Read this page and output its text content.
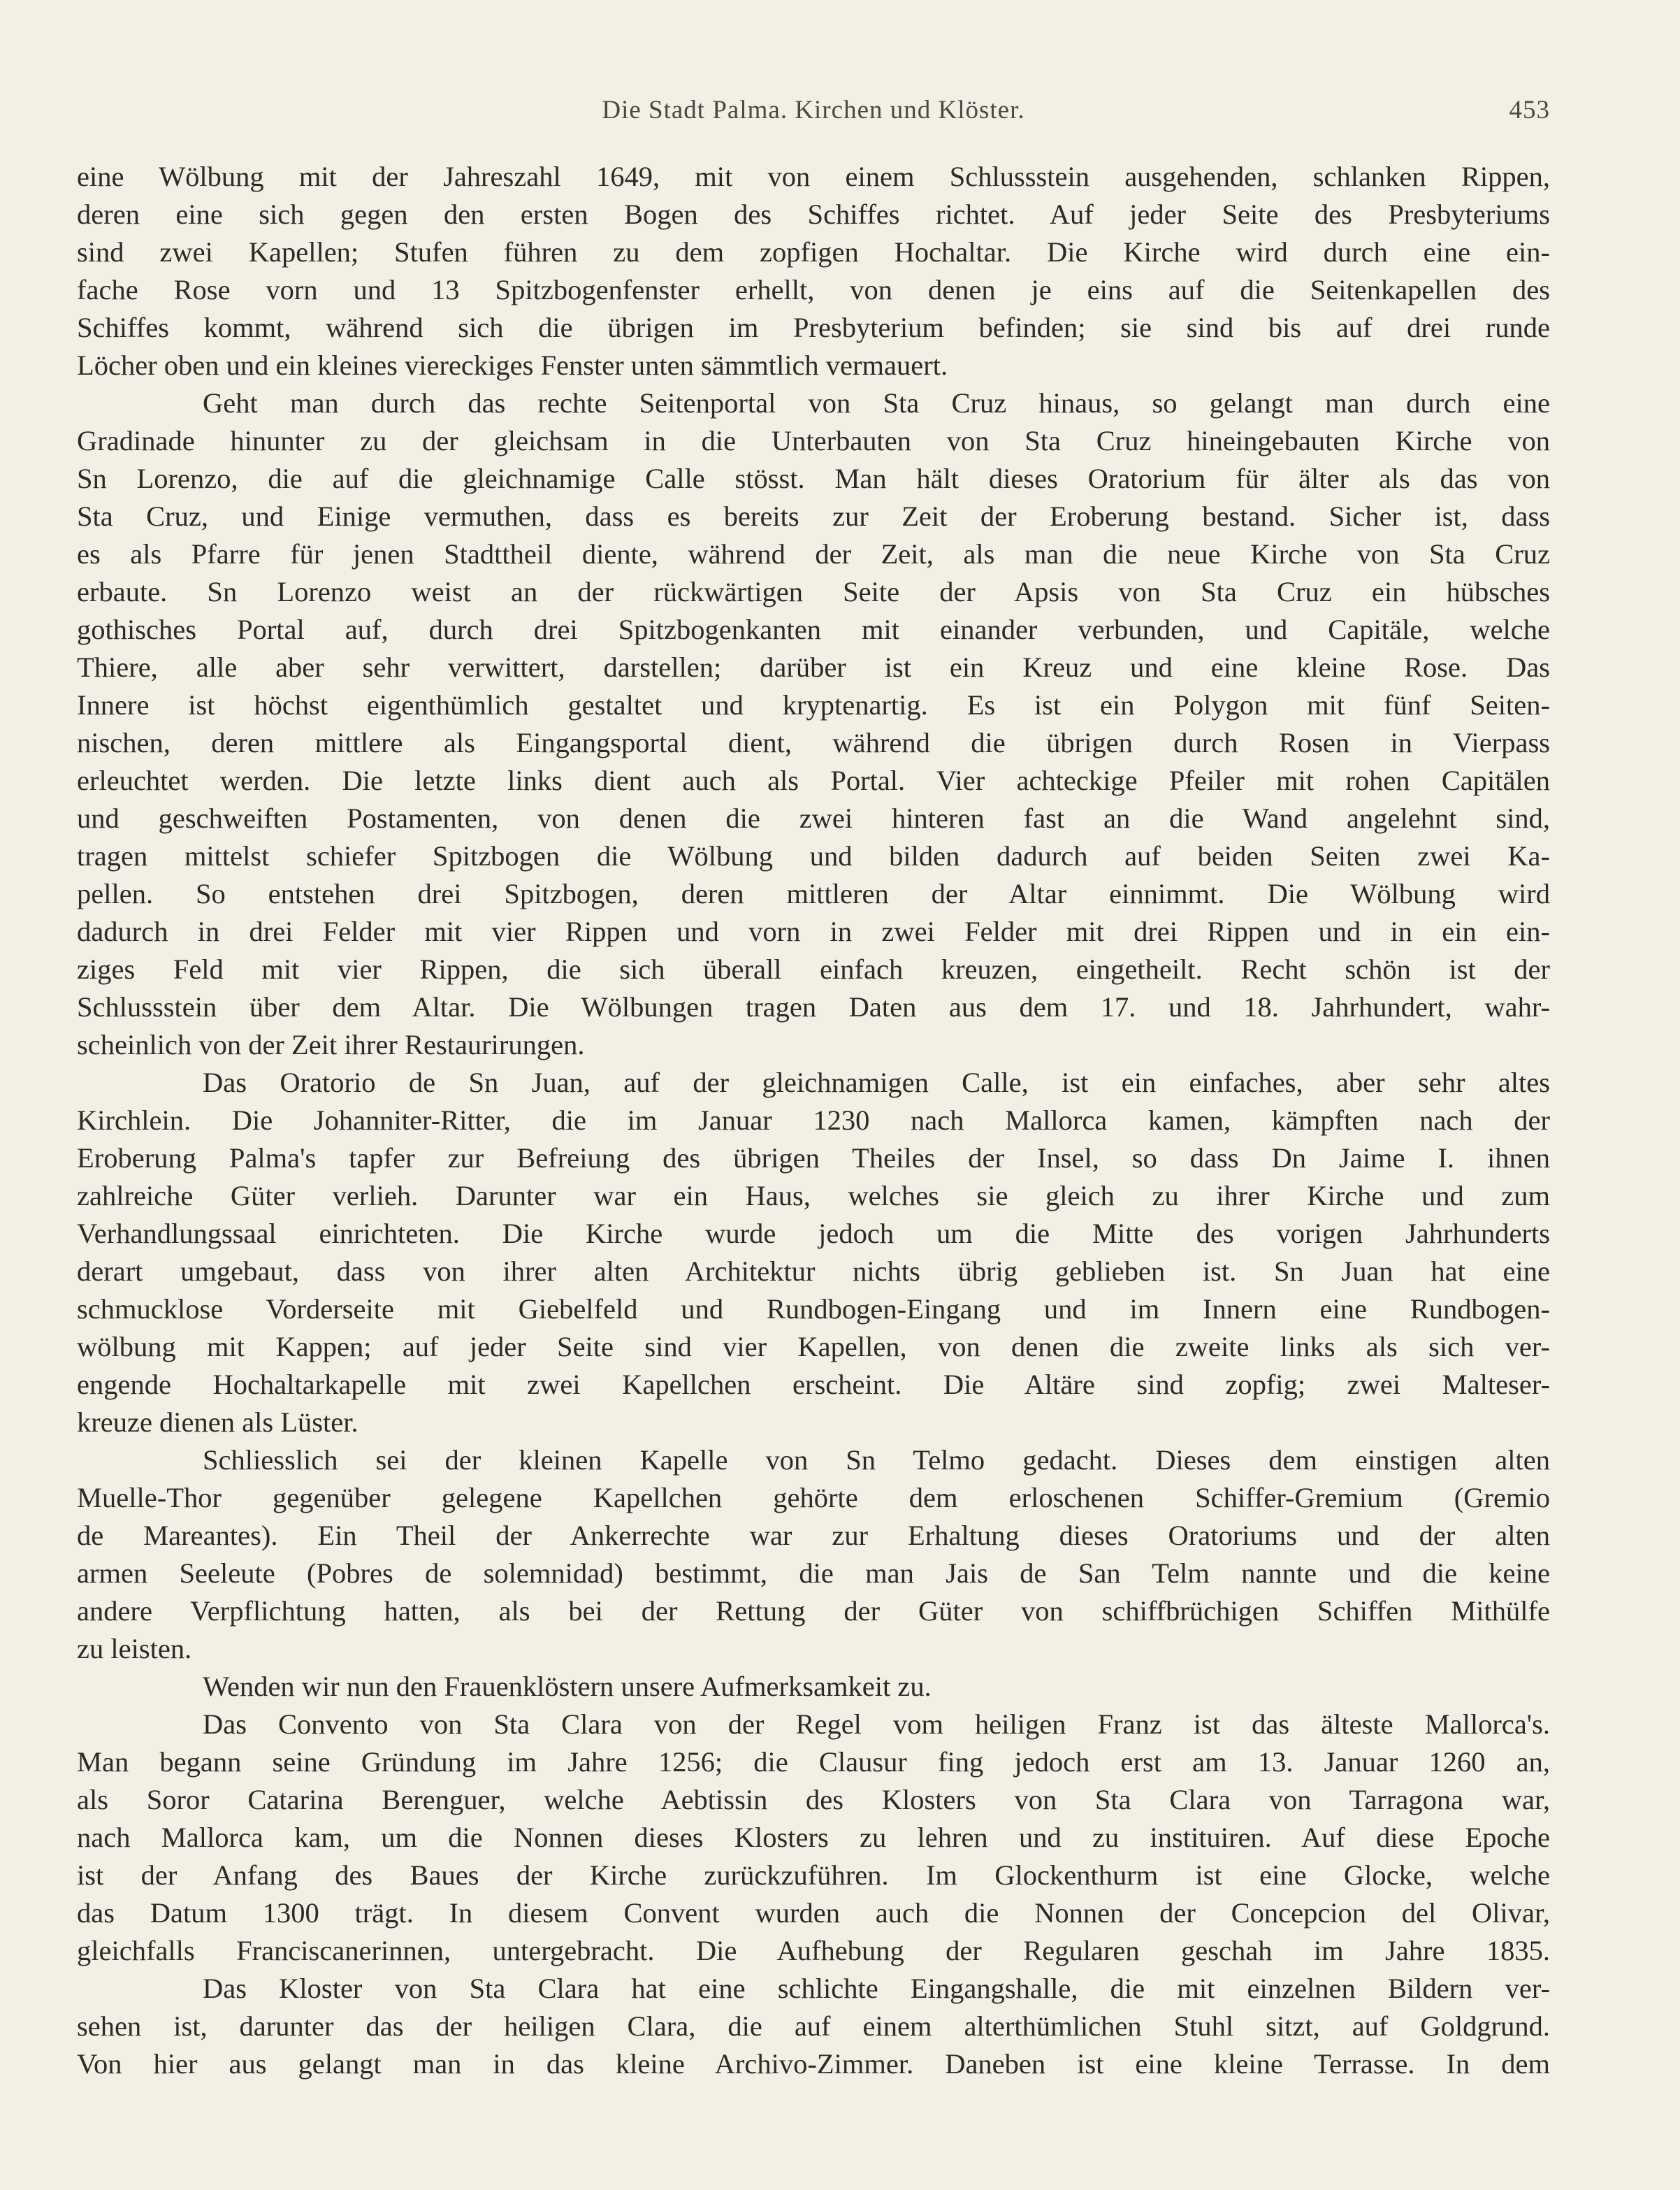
Die Stadt Palma. Kirchen und Klöster.	453
eine Wölbung mit der Jahreszahl 1649, mit von einem Schlussstein ausgehenden, schlanken Rippen,
deren eine sich gegen den ersten Bogen des Schiffes richtet. Auf jeder Seite des Presbyteriums
sind zwei Kapellen; Stufen führen zu dem zopfigen Hochaltar. Die Kirche wird durch eine ein-
fache Rose vorn und 13 Spitzbogenfenster erhellt, von denen je eins auf die Seitenkapellen des
Schiffes kommt, während sich die übrigen im Presbyterium befinden; sie sind bis auf drei runde
Löcher oben und ein kleines viereckiges Fenster unten sämmtlich vermauert.
Geht man durch das rechte Seitenportal von Sta Cruz hinaus, so gelangt man durch eine
Gradinade hinunter zu der gleichsam in die Unterbauten von Sta Cruz hineingebauten Kirche von
Sn Lorenzo, die auf die gleichnamige Calle stösst. Man hält dieses Oratorium für älter als das von
Sta Cruz, und Einige vermuthen, dass es bereits zur Zeit der Eroberung bestand. Sicher ist, dass
es als Pfarre für jenen Stadttheil diente, während der Zeit, als man die neue Kirche von Sta Cruz
erbaute. Sn Lorenzo weist an der rückwärtigen Seite der Apsis von Sta Cruz ein hübsches
gothisches Portal auf, durch drei Spitzbogenkanten mit einander verbunden, und Capitäle, welche
Thiere, alle aber sehr verwittert, darstellen; darüber ist ein Kreuz und eine kleine Rose. Das
Innere ist höchst eigenthümlich gestaltet und kryptenartig. Es ist ein Polygon mit fünf Seiten-
nischen, deren mittlere als Eingangsportal dient, während die übrigen durch Rosen in Vierpass
erleuchtet werden. Die letzte links dient auch als Portal. Vier achteckige Pfeiler mit rohen Capitälen
und geschweiften Postamenten, von denen die zwei hinteren fast an die Wand angelehnt sind,
tragen mittelst schiefer Spitzbogen die Wölbung und bilden dadurch auf beiden Seiten zwei Ka-
pellen. So entstehen drei Spitzbogen, deren mittleren der Altar einnimmt. Die Wölbung wird
dadurch in drei Felder mit vier Rippen und vorn in zwei Felder mit drei Rippen und in ein ein-
ziges Feld mit vier Rippen, die sich überall einfach kreuzen, eingetheilt. Recht schön ist der
Schlussstein über dem Altar. Die Wölbungen tragen Daten aus dem 17. und 18. Jahrhundert, wahr-
scheinlich von der Zeit ihrer Restaurirungen.
Das Oratorio de Sn Juan, auf der gleichnamigen Calle, ist ein einfaches, aber sehr altes
Kirchlein. Die Johanniter-Ritter, die im Januar 1230 nach Mallorca kamen, kämpften nach der
Eroberung Palma's tapfer zur Befreiung des übrigen Theiles der Insel, so dass Dn Jaime I. ihnen
zahlreiche Güter verlieh. Darunter war ein Haus, welches sie gleich zu ihrer Kirche und zum
Verhandlungssaal einrichteten. Die Kirche wurde jedoch um die Mitte des vorigen Jahrhunderts
derart umgebaut, dass von ihrer alten Architektur nichts übrig geblieben ist. Sn Juan hat eine
schmucklose Vorderseite mit Giebelfeld und Rundbogen-Eingang und im Innern eine Rundbogen-
wölbung mit Kappen; auf jeder Seite sind vier Kapellen, von denen die zweite links als sich ver-
engende Hochaltarkapelle mit zwei Kapellchen erscheint. Die Altäre sind zopfig; zwei Malteser-
kreuze dienen als Lüster.
Schliesslich sei der kleinen Kapelle von Sn Telmo gedacht. Dieses dem einstigen alten
Muelle-Thor gegenüber gelegene Kapellchen gehörte dem erloschenen Schiffer-Gremium (Gremio
de Mareantes). Ein Theil der Ankerrechte war zur Erhaltung dieses Oratoriums und der alten
armen Seeleute (Pobres de solemnidad) bestimmt, die man Jais de San Telm nannte und die keine
andere Verpflichtung hatten, als bei der Rettung der Güter von schiffbrüchigen Schiffen Mithülfe
zu leisten.
Wenden wir nun den Frauenklöstern unsere Aufmerksamkeit zu.
Das Convento von Sta Clara von der Regel vom heiligen Franz ist das älteste Mallorca's.
Man begann seine Gründung im Jahre 1256; die Clausur fing jedoch erst am 13. Januar 1260 an,
als Soror Catarina Berenguer, welche Aebtissin des Klosters von Sta Clara von Tarragona war,
nach Mallorca kam, um die Nonnen dieses Klosters zu lehren und zu instituiren. Auf diese Epoche
ist der Anfang des Baues der Kirche zurückzuführen. Im Glockenthurm ist eine Glocke, welche
das Datum 1300 trägt. In diesem Convent wurden auch die Nonnen der Concepcion del Olivar,
gleichfalls Franciscanerinnen, untergebracht. Die Aufhebung der Regularen geschah im Jahre 1835.
Das Kloster von Sta Clara hat eine schlichte Eingangshalle, die mit einzelnen Bildern ver-
sehen ist, darunter das der heiligen Clara, die auf einem alterthümlichen Stuhl sitzt, auf Goldgrund.
Von hier aus gelangt man in das kleine Archivo-Zimmer. Daneben ist eine kleine Terrasse. In dem
